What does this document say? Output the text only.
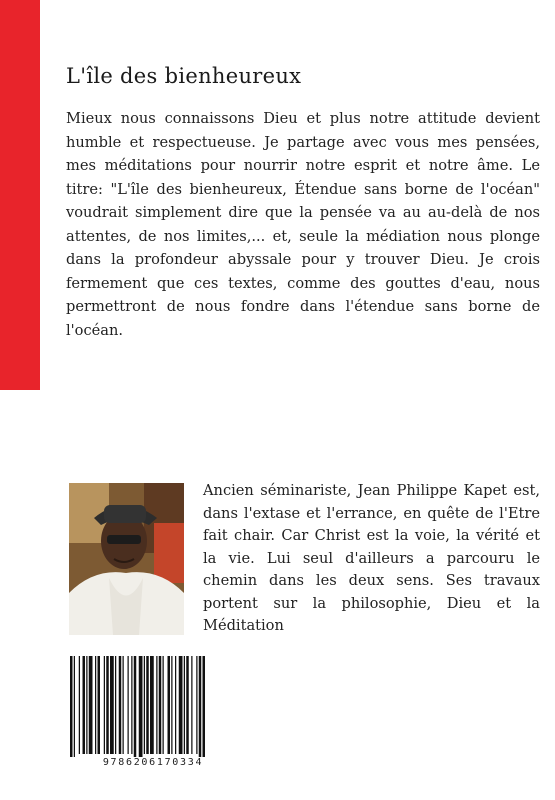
L'île des bienheureux

Mieux nous connaissons Dieu et plus notre attitude devient humble et respectueuse. Je partage avec vous mes pensées, mes méditations pour nourrir notre esprit et notre âme. Le titre: "L'île des bienheureux, Étendue sans borne de l'océan" voudrait simplement dire que la pensée va au au-delà de nos attentes, de nos limites,... et, seule la médiation nous plonge dans la profondeur abyssale pour y trouver Dieu. Je crois fermement que ces textes, comme des gouttes d'eau, nous permettront de nous fondre dans l'étendue sans borne de l'océan.

Ancien séminariste, Jean Philippe Kapet est, dans l'extase et l'errance, en quête de l'Etre fait chair. Car Christ est la voie, la vérité et la vie. Lui seul d'ailleurs a parcouru le chemin dans les deux sens. Ses travaux portent sur la philosophie, Dieu et la Méditation

9786206170334
